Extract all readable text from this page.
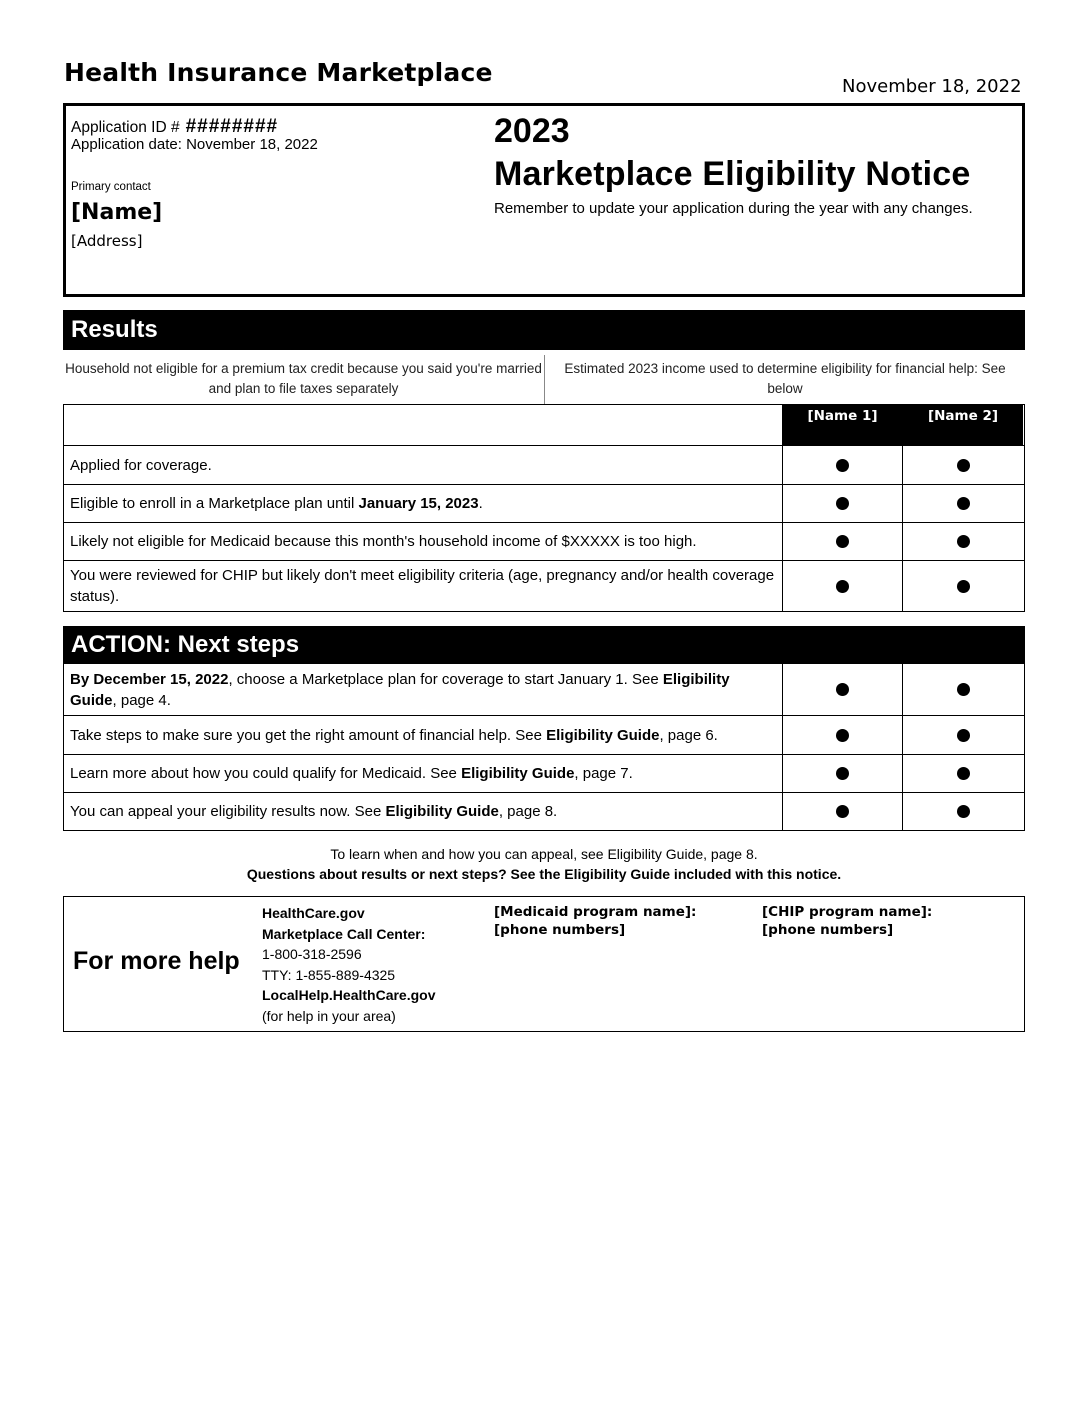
Health Insurance Marketplace	November 18, 2022
Application ID # ########
Application date: November 18, 2022
Primary contact
[Name]
[Address]
2023
Marketplace Eligibility Notice
Remember to update your application during the year with any changes.
Results
Household not eligible for a premium tax credit because you said you're married and plan to file taxes separately
Estimated 2023 income used to determine eligibility for financial help: See below
[Name 1]	[Name 2]
Applied for coverage.
Eligible to enroll in a Marketplace plan until January 15, 2023.
Likely not eligible for Medicaid because this month's household income of $XXXXX is too high.
You were reviewed for CHIP but likely don't meet eligibility criteria (age, pregnancy and/or health coverage status).
ACTION: Next steps
By December 15, 2022, choose a Marketplace plan for coverage to start January 1. See Eligibility Guide, page 4.
Take steps to make sure you get the right amount of financial help. See Eligibility Guide, page 6.
Learn more about how you could qualify for Medicaid. See Eligibility Guide, page 7.
You can appeal your eligibility results now. See Eligibility Guide, page 8.
To learn when and how you can appeal, see Eligibility Guide, page 8.
Questions about results or next steps? See the Eligibility Guide included with this notice.
For more help
HealthCare.gov
Marketplace Call Center:
1-800-318-2596
TTY: 1-855-889-4325
LocalHelp.HealthCare.gov
(for help in your area)
[Medicaid program name]:
[phone numbers]
[CHIP program name]:
[phone numbers]
